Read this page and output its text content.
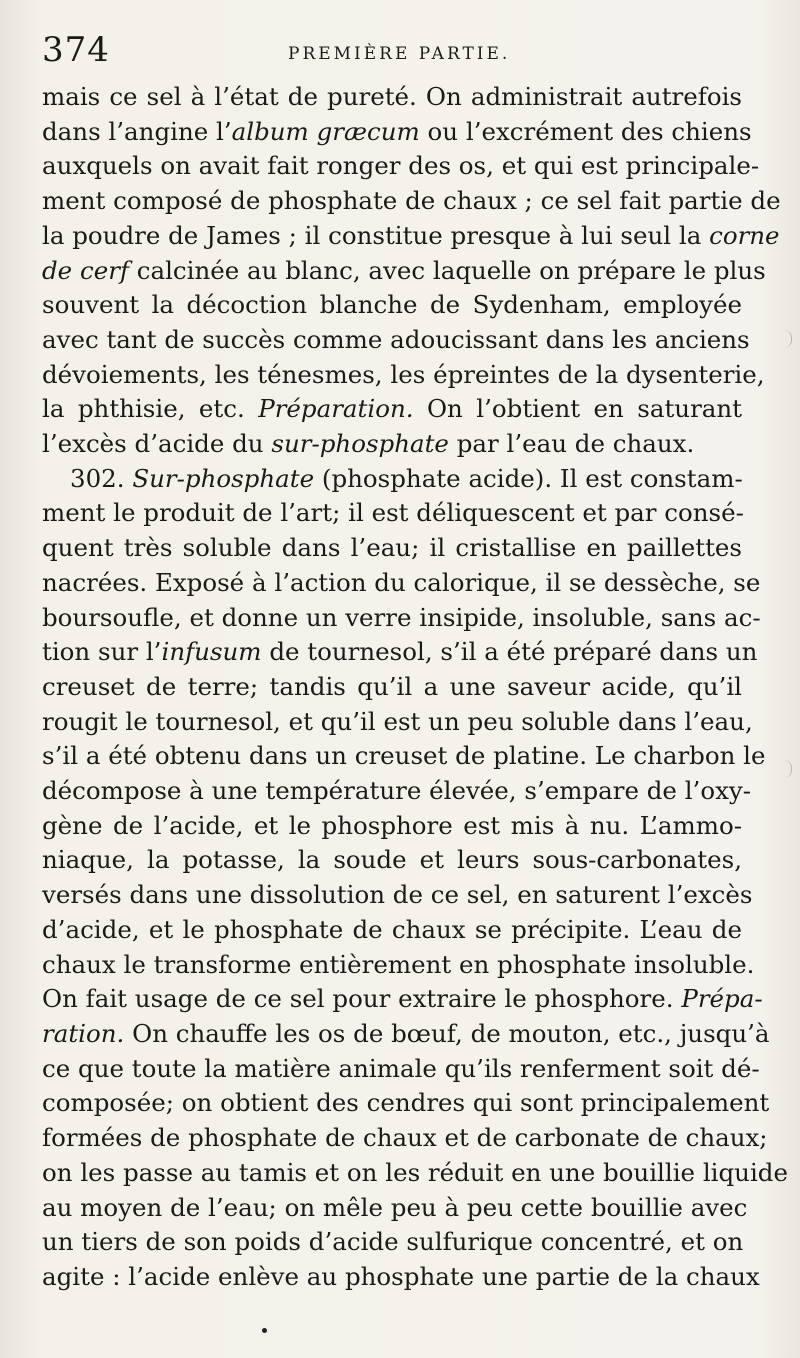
374	PREMIÈRE PARTIE.
mais ce sel à l’état de pureté. On administrait autrefois
dans l’angine l’album græcum ou l’excrément des chiens
auxquels on avait fait ronger des os, et qui est principale-
ment composé de phosphate de chaux ; ce sel fait partie de
la poudre de James ; il constitue presque à lui seul la corne
de cerf calcinée au blanc, avec laquelle on prépare le plus
souvent la décoction blanche de Sydenham, employée
avec tant de succès comme adoucissant dans les anciens
dévoiements, les ténesmes, les épreintes de la dysenterie,
la phthisie, etc. Préparation. On l’obtient en saturant
l’excès d’acide du sur-phosphate par l’eau de chaux.
302. Sur-phosphate (phosphate acide). Il est constam-
ment le produit de l’art; il est déliquescent et par consé-
quent très soluble dans l’eau; il cristallise en paillettes
nacrées. Exposé à l’action du calorique, il se dessèche, se
boursoufle, et donne un verre insipide, insoluble, sans ac-
tion sur l’infusum de tournesol, s’il a été préparé dans un
creuset de terre; tandis qu’il a une saveur acide, qu’il
rougit le tournesol, et qu’il est un peu soluble dans l’eau,
s’il a été obtenu dans un creuset de platine. Le charbon le
décompose à une température élevée, s’empare de l’oxy-
gène de l’acide, et le phosphore est mis à nu. L’ammo-
niaque, la potasse, la soude et leurs sous-carbonates,
versés dans une dissolution de ce sel, en saturent l’excès
d’acide, et le phosphate de chaux se précipite. L’eau de
chaux le transforme entièrement en phosphate insoluble.
On fait usage de ce sel pour extraire le phosphore. Prépa-
ration. On chauffe les os de bœuf, de mouton, etc., jusqu’à
ce que toute la matière animale qu’ils renferment soit dé-
composée; on obtient des cendres qui sont principalement
formées de phosphate de chaux et de carbonate de chaux;
on les passe au tamis et on les réduit en une bouillie liquide
au moyen de l’eau; on mêle peu à peu cette bouillie avec
un tiers de son poids d’acide sulfurique concentré, et on
agite : l’acide enlève au phosphate une partie de la chaux
